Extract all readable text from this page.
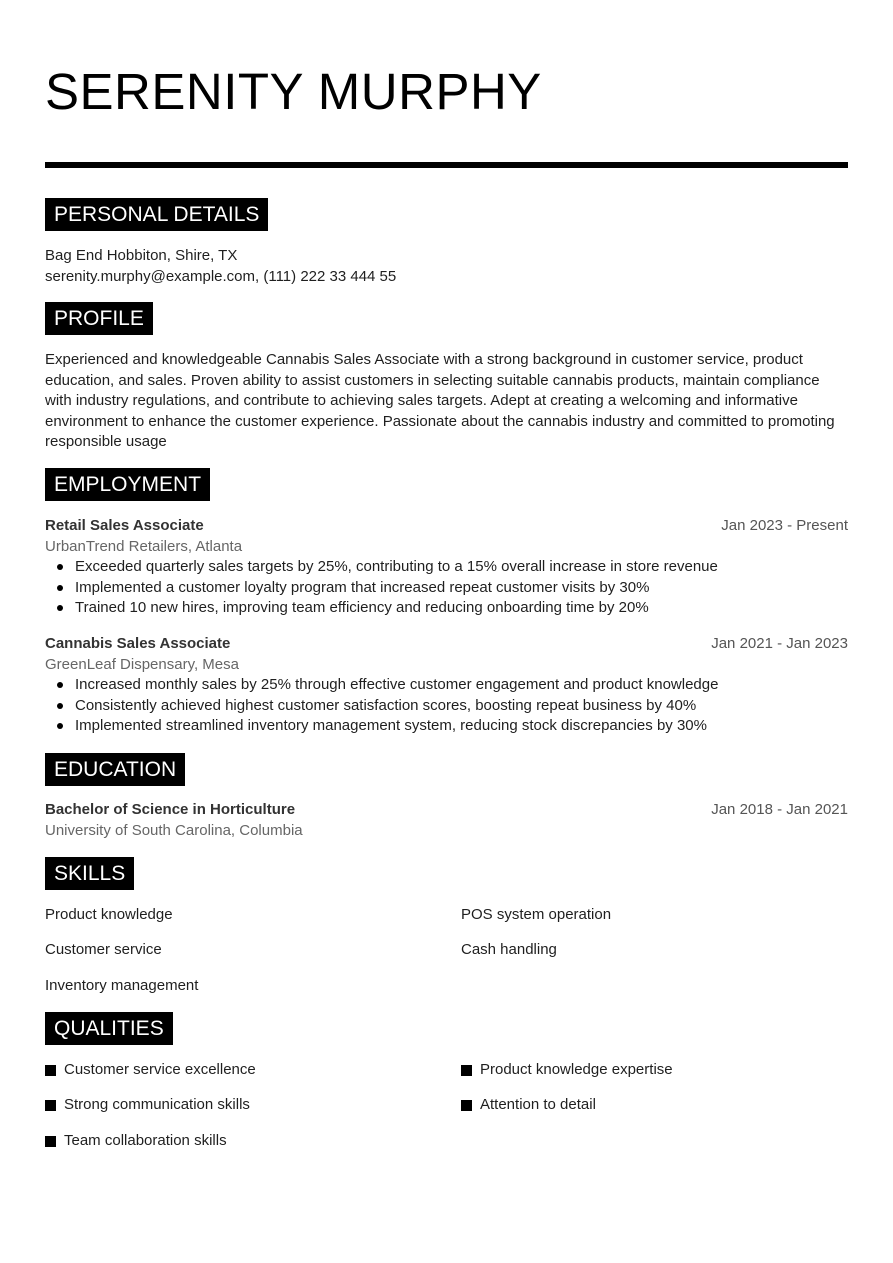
SERENITY MURPHY
PERSONAL DETAILS
Bag End Hobbiton, Shire, TX
serenity.murphy@example.com, (111) 222 33 444 55
PROFILE
Experienced and knowledgeable Cannabis Sales Associate with a strong background in customer service, product education, and sales. Proven ability to assist customers in selecting suitable cannabis products, maintain compliance with industry regulations, and contribute to achieving sales targets. Adept at creating a welcoming and informative environment to enhance the customer experience. Passionate about the cannabis industry and committed to promoting responsible usage
EMPLOYMENT
Retail Sales Associate	Jan 2023 - Present
UrbanTrend Retailers, Atlanta
Exceeded quarterly sales targets by 25%, contributing to a 15% overall increase in store revenue
Implemented a customer loyalty program that increased repeat customer visits by 30%
Trained 10 new hires, improving team efficiency and reducing onboarding time by 20%
Cannabis Sales Associate	Jan 2021 - Jan 2023
GreenLeaf Dispensary, Mesa
Increased monthly sales by 25% through effective customer engagement and product knowledge
Consistently achieved highest customer satisfaction scores, boosting repeat business by 40%
Implemented streamlined inventory management system, reducing stock discrepancies by 30%
EDUCATION
Bachelor of Science in Horticulture	Jan 2018 - Jan 2021
University of South Carolina, Columbia
SKILLS
Product knowledge	POS system operation
Customer service	Cash handling
Inventory management
QUALITIES
Customer service excellence	Product knowledge expertise
Strong communication skills	Attention to detail
Team collaboration skills
